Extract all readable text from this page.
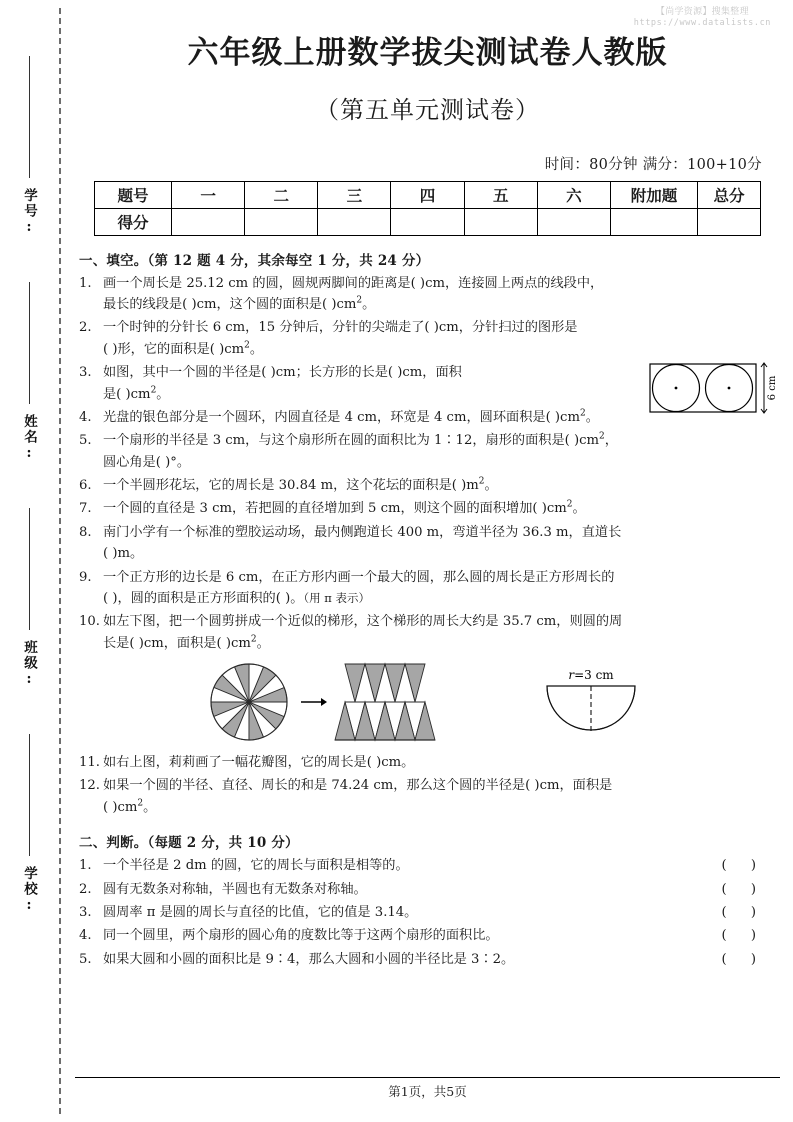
【尚学资源】搜集整理
https://www.datalists.cn
学号:
姓名:
班级:
学校:
六年级上册数学拔尖测试卷人教版
（第五单元测试卷）
时间：80分钟 满分：100+10分
题号	一	二	三	四	五	六	附加题	总分
得分								
一、填空。（第 12 题 4 分，其余每空 1 分，共 24 分）
1. 画一个周长是 25.12 cm 的圆，圆规两脚间的距离是( )cm，连接圆上两点的线段中，
最长的线段是( )cm，这个圆的面积是( )$cm^2$。
2. 一个时钟的分针长 6 cm，15 分钟后，分针的尖端走了( )cm，分针扫过的图形是
( )形，它的面积是( )$cm^2$。
3. 如图，其中一个圆的半径是( )cm；长方形的长是( )cm，面积
是( )$cm^2$。	6 cm
4. 光盘的银色部分是一个圆环，内圆直径是 4 cm，环宽是 4 cm，圆环面积是( )$cm^2$。
5. 一个扇形的半径是 3 cm，与这个扇形所在圆的面积比为 1∶12，扇形的面积是( )$cm^2$，
圆心角是( )°。
6. 一个半圆形花坛，它的周长是 30.84 m，这个花坛的面积是( )$m^2$。
7. 一个圆的直径是 3 cm，若把圆的直径增加到 5 cm，则这个圆的面积增加( )$cm^2$。
8. 南门小学有一个标准的塑胶运动场，最内侧跑道长 400 m，弯道半径为 36.3 m，直道长
( )m。
9. 一个正方形的边长是 6 cm，在正方形内画一个最大的圆，那么圆的周长是正方形周长的
( )，圆的面积是正方形面积的( )。（用 π 表示）
10. 如左下图，把一个圆剪拼成一个近似的梯形，这个梯形的周长大约是 35.7 cm，则圆的周
长是( )cm，面积是( )$cm^2$。
r=3 cm
11. 如右上图，莉莉画了一幅花瓣图，它的周长是( )cm。
12. 如果一个圆的半径、直径、周长的和是 74.24 cm，那么这个圆的半径是( )cm，面积是
( )$cm^2$。
二、判断。（每题 2 分，共 10 分）
1. 一个半径是 2 dm 的圆，它的周长与面积是相等的。	( )
2. 圆有无数条对称轴，半圆也有无数条对称轴。	( )
3. 圆周率 π 是圆的周长与直径的比值，它的值是 3.14。	( )
4. 同一个圆里，两个扇形的圆心角的度数比等于这两个扇形的面积比。	( )
5. 如果大圆和小圆的面积比是 9∶4，那么大圆和小圆的半径比是 3∶2。	( )
第1页，共5页
